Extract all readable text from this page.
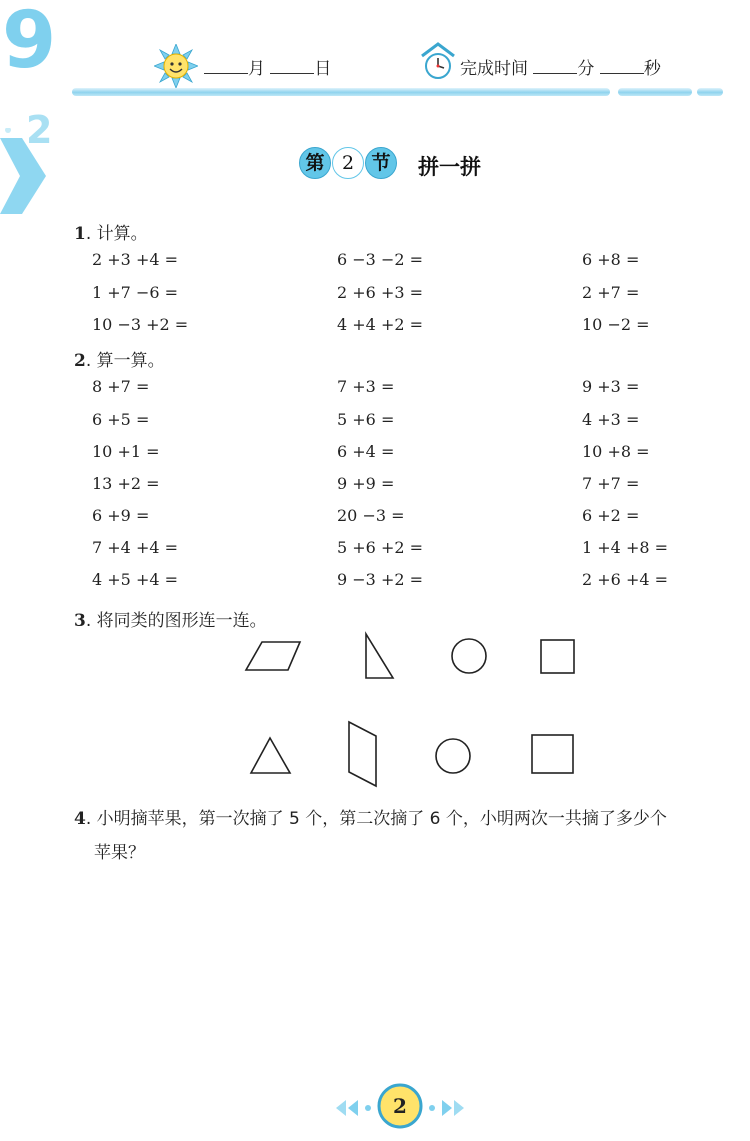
9
2
月	日	完成时间	分	秒
第 2 节	拼一拼
1. 计算。
2 +3 +4 =	6 −3 −2 =	6 +8 =
1 +7 −6 =	2 +6 +3 =	2 +7 =
10 −3 +2 =	4 +4 +2 =	10 −2 =
2. 算一算。
8 +7 =	7 +3 =	9 +3 =
6 +5 =	5 +6 =	4 +3 =
10 +1 =	6 +4 =	10 +8 =
13 +2 =	9 +9 =	7 +7 =
6 +9 =	20 −3 =	6 +2 =
7 +4 +4 =	5 +6 +2 =	1 +4 +8 =
4 +5 +4 =	9 −3 +2 =	2 +6 +4 =
3. 将同类的图形连一连。
4. 小明摘苹果，第一次摘了 5 个，第二次摘了 6 个，小明两次一共摘了多少个
苹果？
2
